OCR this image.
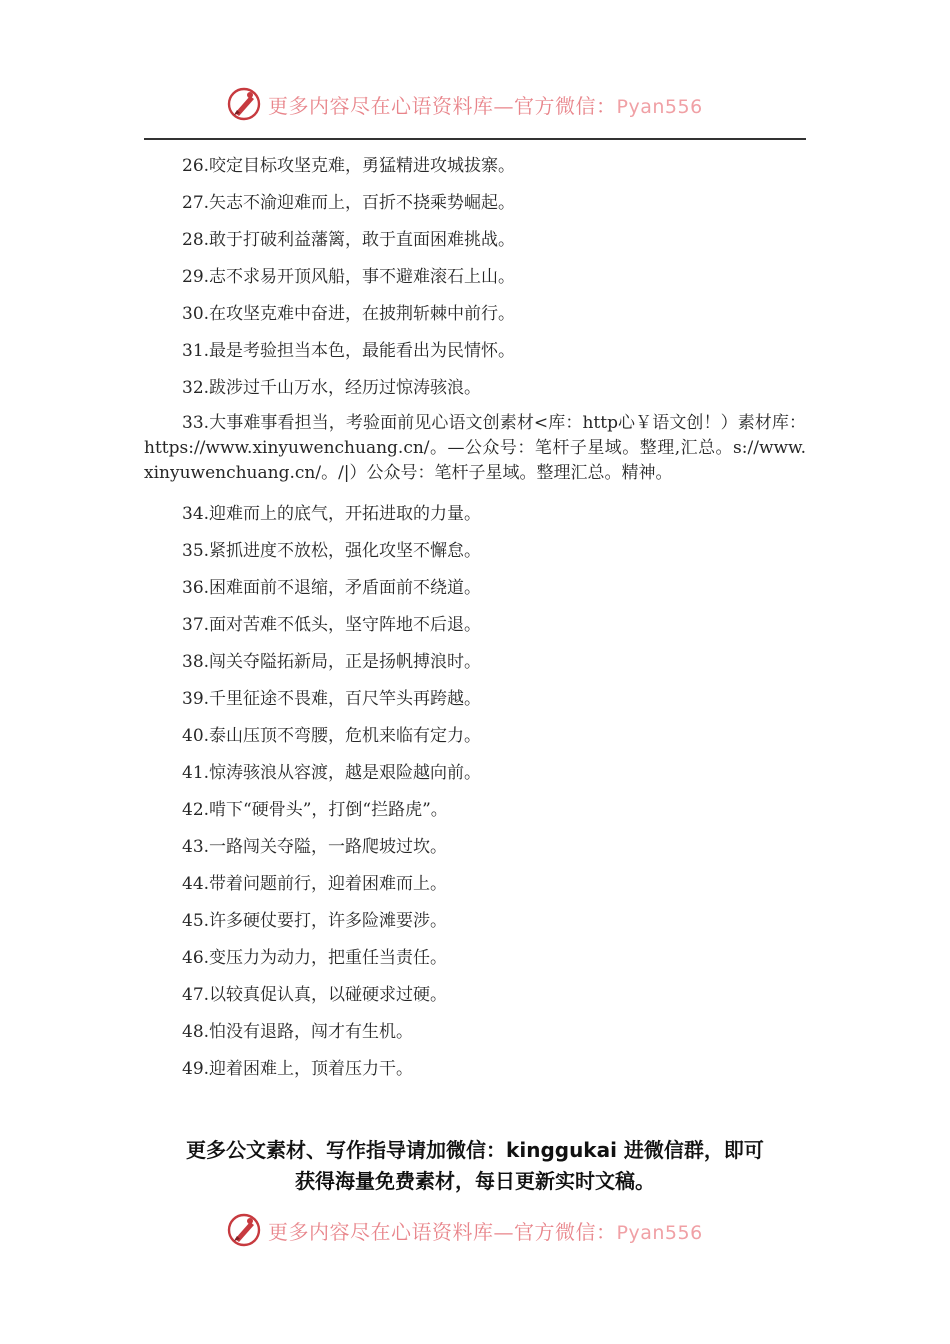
更多内容尽在心语资料库—官方微信：Pyan556
26.咬定目标攻坚克难，勇猛精进攻城拔寨。
27.矢志不渝迎难而上，百折不挠乘势崛起。
28.敢于打破利益藩篱，敢于直面困难挑战。
29.志不求易开顶风船，事不避难滚石上山。
30.在攻坚克难中奋进，在披荆斩棘中前行。
31.最是考验担当本色，最能看出为民情怀。
32.跋涉过千山万水，经历过惊涛骇浪。
33.大事难事看担当，考验面前见心语文创素材<库：http心￥语文创！）素材库：https://www.xinyuwenchuang.cn/。—公众号：笔杆子星域。整理,汇总。s://www.xinyuwenchuang.cn/。/|）公众号：笔杆子星域。整理汇总。精神。
34.迎难而上的底气，开拓进取的力量。
35.紧抓进度不放松，强化攻坚不懈怠。
36.困难面前不退缩，矛盾面前不绕道。
37.面对苦难不低头，坚守阵地不后退。
38.闯关夺隘拓新局，正是扬帆搏浪时。
39.千里征途不畏难，百尺竿头再跨越。
40.泰山压顶不弯腰，危机来临有定力。
41.惊涛骇浪从容渡，越是艰险越向前。
42.啃下“硬骨头”，打倒“拦路虎”。
43.一路闯关夺隘，一路爬坡过坎。
44.带着问题前行，迎着困难而上。
45.许多硬仗要打，许多险滩要涉。
46.变压力为动力，把重任当责任。
47.以较真促认真，以碰硬求过硬。
48.怕没有退路，闯才有生机。
49.迎着困难上，顶着压力干。
更多公文素材、写作指导请加微信：kinggukai 进微信群，即可
获得海量免费素材，每日更新实时文稿。
更多内容尽在心语资料库—官方微信：Pyan556
